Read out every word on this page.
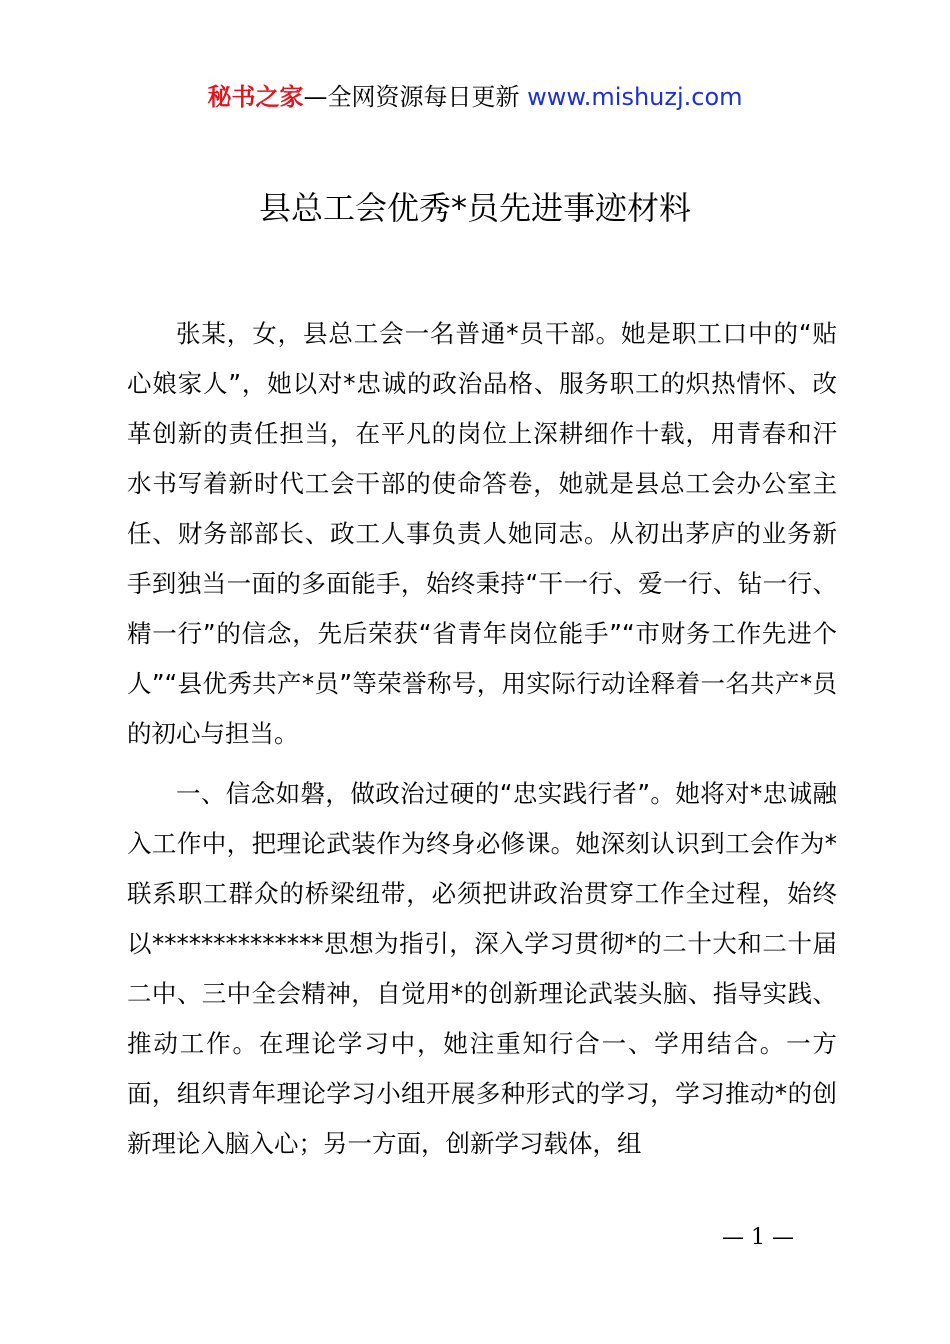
秘书之家—全网资源每日更新 www.mishuzj.com
县总工会优秀*员先进事迹材料

张某，女，县总工会一名普通*员干部。她是职工口中的“贴心娘家人”，她以对*忠诚的政治品格、服务职工的炽热情怀、改革创新的责任担当，在平凡的岗位上深耕细作十载，用青春和汗水书写着新时代工会干部的使命答卷，她就是县总工会办公室主任、财务部部长、政工人事负责人她同志。从初出茅庐的业务新手到独当一面的多面能手，始终秉持“干一行、爱一行、钻一行、精一行”的信念，先后荣获“省青年岗位能手”“市财务工作先进个人”“县优秀共产*员”等荣誉称号，用实际行动诠释着一名共产*员的初心与担当。

一、信念如磐，做政治过硬的“忠实践行者”。她将对*忠诚融入工作中，把理论武装作为终身必修课。她深刻认识到工会作为*联系职工群众的桥梁纽带，必须把讲政治贯穿工作全过程，始终以**************思想为指引，深入学习贯彻*的二十大和二十届二中、三中全会精神，自觉用*的创新理论武装头脑、指导实践、推动工作。在理论学习中，她注重知行合一、学用结合。一方面，组织青年理论学习小组开展多种形式的学习，学习推动*的创新理论入脑入心；另一方面，创新学习载体，组

— 1 —
